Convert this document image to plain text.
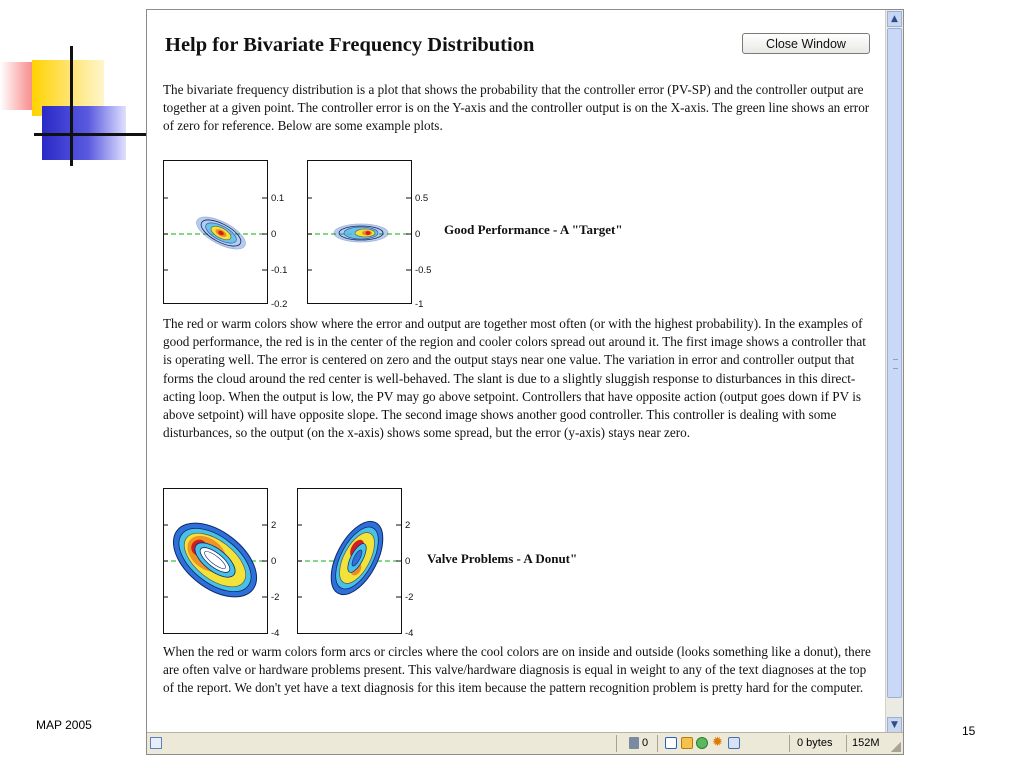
MAP 2005	15
Help for Bivariate Frequency Distribution	Close Window

The bivariate frequency distribution is a plot that shows the probability that the controller error (PV-SP) and the controller output are together at a given point. The controller error is on the Y-axis and the controller output is on the X-axis. The green line shows an error of zero for reference. Below are some example plots.

0.1
0
-0.1
-0.2
0.5
0
-0.5
-1
Good Performance - A "Target"

The red or warm colors show where the error and output are together most often (or with the highest probability). In the examples of good performance, the red is in the center of the region and cooler colors spread out around it. The first image shows a controller that is operating well. The error is centered on zero and the output stays near one value. The variation in error and controller output that forms the cloud around the red center is well-behaved. The slant is due to a slightly sluggish response to disturbances in this direct-acting loop. When the output is low, the PV may go above setpoint. Controllers that have opposite action (output goes down if PV is above setpoint) will have opposite slope. The second image shows another good controller. This controller is dealing with some disturbances, so the output (on the x-axis) shows some spread, but the error (y-axis) stays near zero.

2
0
-2
-4
2
0
-2
-4
Valve Problems - A Donut"

When the red or warm colors form arcs or circles where the cool colors are on inside and outside (looks something like a donut), there are often valve or hardware problems present. This valve/hardware diagnosis is equal in weight to any of the text diagnoses at the top of the report. We don't yet have a text diagnosis for this item because the pattern recognition problem is pretty hard for the computer.

▲
▼
0	✹	0 bytes 152M
